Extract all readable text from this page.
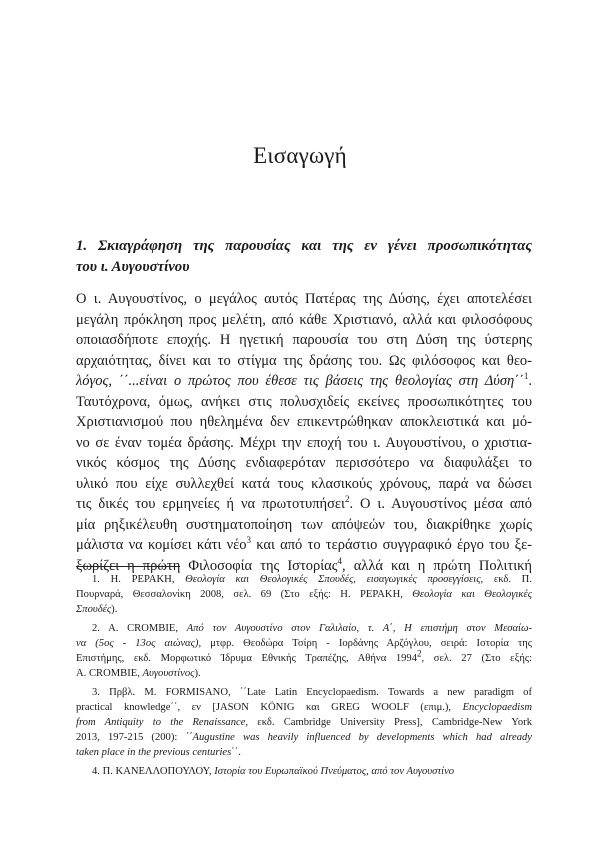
Εισαγωγή
1. Σκιαγράφηση της παρουσίας και της εν γένει προσωπικότητας
του ι. Αυγουστίνου

Ο ι. Αυγουστίνος, ο μεγάλος αυτός Πατέρας της Δύσης, έχει αποτελέσει
μεγάλη πρόκληση προς μελέτη, από κάθε Χριστιανό, αλλά και φιλοσόφους
οποιασδήποτε εποχής. Η ηγετική παρουσία του στη Δύση της ύστερης
αρχαιότητας, δίνει και το στίγμα της δράσης του. Ως φιλόσοφος και θεο-
λόγος, ΄΄...είναι ο πρώτος που έθεσε τις βάσεις της θεολογίας στη Δύση΄΄$^1$.
Ταυτόχρονα, όμως, ανήκει στις πολυσχιδείς εκείνες προσωπικότητες του
Χριστιανισμού που ηθελημένα δεν επικεντρώθηκαν αποκλειστικά και μό-
νο σε έναν τομέα δράσης. Μέχρι την εποχή του ι. Αυγουστίνου, ο χριστια-
νικός κόσμος της Δύσης ενδιαφερόταν περισσότερο να διαφυλάξει το
υλικό που είχε συλλεχθεί κατά τους κλασικούς χρόνους, παρά να δώσει
τις δικές του ερμηνείες ή να πρωτοτυπήσει$^2$. Ο ι. Αυγουστίνος μέσα από
μία ρηξικέλευθη συστηματοποίηση των απόψεών του, διακρίθηκε χωρίς
μάλιστα να κομίσει κάτι νέο$^3$ και από το τεράστιο συγγραφικό έργο του ξε-
ξωρίζει η πρώτη Φιλοσοφία της Ιστορίας$^4$, αλλά και η πρώτη Πολιτική

1. Η. ΡΕΡΑΚΗ, Θεολογία και Θεολογικές Σπουδές, εισαγωγικές προσεγγίσεις, εκδ. Π.
Πουρναρά, Θεσσαλονίκη 2008, σελ. 69 (Στο εξής: Η. ΡΕΡΑΚΗ, Θεολογία και Θεολογικές
Σπουδές).
2. A. CROMBIE, Από τον Αυγουστίνο στον Γαλιλαίο, τ. Α΄, Η επιστήμη στον Μεσαίω-
να (5ος - 13ος αιώνας), μτφρ. Θεοδώρα Τσίρη - Ιορδάνης Αρζόγλου, σειρά: Ιστορία της
Επιστήμης, εκδ. Μορφωτικό Ίδρυμα Εθνικής Τραπέζης, Αθήνα 1994$^2$, σελ. 27 (Στο εξής:
A. CROMBIE, Αυγουστίνος).
3. Πρβλ. M. FORMISANO, ΄΄Late Latin Encyclopaedism. Towards a new paradigm of
practical knowledge΄΄, εν [JASON KÖNIG και GREG WOOLF (επιμ.), Encyclopaedism
from Antiquity to the Renaissance, εκδ. Cambridge University Press], Cambridge-New York
2013, 197-215 (200): ΄΄Augustine was heavily influenced by developments which had already
taken place in the previous centuries΄΄.
4. Π. ΚΑΝΕΛΛΟΠΟΥΛΟΥ, Ιστορία του Ευρωπαϊκού Πνεύματος, από τον Αυγουστίνο
